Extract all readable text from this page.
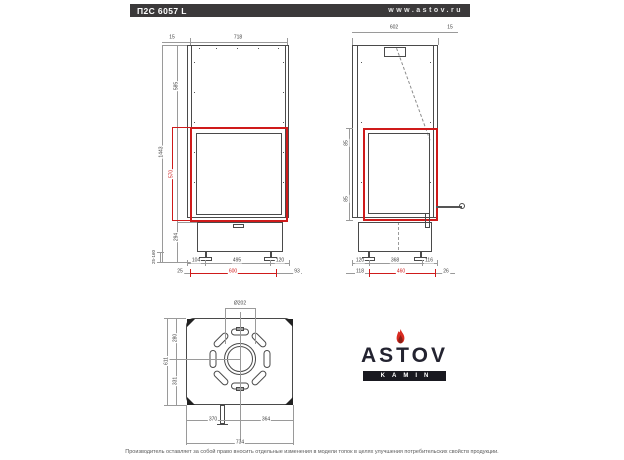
П2С 6057 L	www.astov.ru
718
15
585
570
294
1443
104	495	120
25	600	93
25-160
602	15
85
85
120	368	116
118	460	26
Ø202
280
331
611
370	364
734
ASTOV
KAMIN
Производитель оставляет за собой право вносить отдельные изменения в модели топок в целях улучшения потребительских свойств продукции.
